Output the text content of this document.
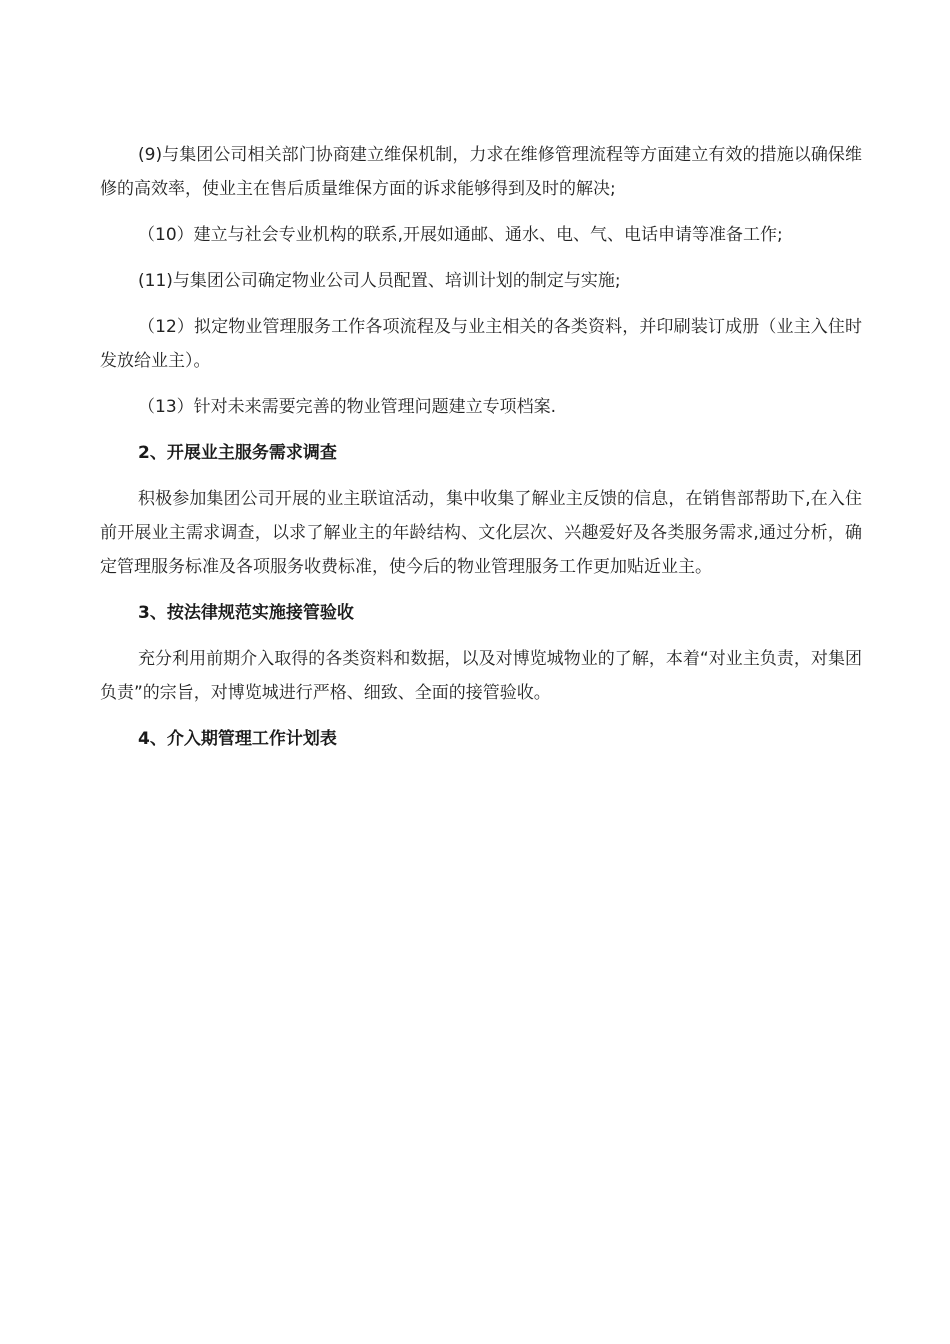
(9)与集团公司相关部门协商建立维保机制，力求在维修管理流程等方面建立有效的措施以确保维修的高效率，使业主在售后质量维保方面的诉求能够得到及时的解决;

（10）建立与社会专业机构的联系,开展如通邮、通水、电、气、电话申请等准备工作;

(11)与集团公司确定物业公司人员配置、培训计划的制定与实施;

（12）拟定物业管理服务工作各项流程及与业主相关的各类资料，并印刷装订成册（业主入住时发放给业主）。

（13）针对未来需要完善的物业管理问题建立专项档案.

2、开展业主服务需求调查

积极参加集团公司开展的业主联谊活动，集中收集了解业主反馈的信息，在销售部帮助下,在入住前开展业主需求调查，以求了解业主的年龄结构、文化层次、兴趣爱好及各类服务需求,通过分析，确定管理服务标准及各项服务收费标准，使今后的物业管理服务工作更加贴近业主。

3、按法律规范实施接管验收

充分利用前期介入取得的各类资料和数据，以及对博览城物业的了解，本着“对业主负责，对集团负责”的宗旨，对博览城进行严格、细致、全面的接管验收。

4、介入期管理工作计划表
